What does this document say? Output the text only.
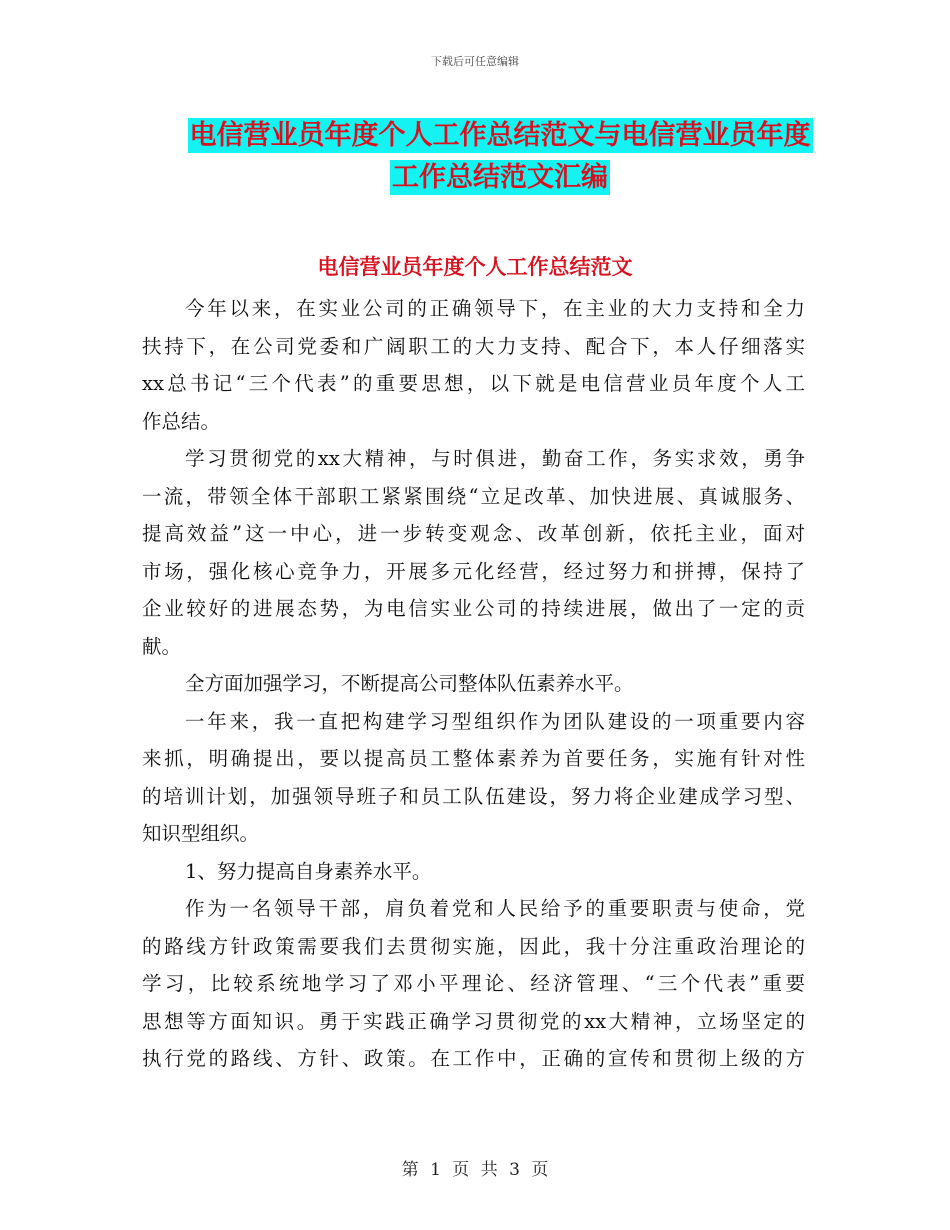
下载后可任意编辑
电信营业员年度个人工作总结范文与电信营业员年度
工作总结范文汇编
电信营业员年度个人工作总结范文
今年以来，在实业公司的正确领导下，在主业的大力支持和全力
扶持下，在公司党委和广阔职工的大力支持、配合下，本人仔细落实
xx总书记“三个代表”的重要思想，以下就是电信营业员年度个人工
作总结。
学习贯彻党的xx大精神，与时俱进，勤奋工作，务实求效，勇争
一流，带领全体干部职工紧紧围绕“立足改革、加快进展、真诚服务、
提高效益”这一中心，进一步转变观念、改革创新，依托主业，面对
市场，强化核心竞争力，开展多元化经营，经过努力和拼搏，保持了
企业较好的进展态势，为电信实业公司的持续进展，做出了一定的贡
献。
全方面加强学习，不断提高公司整体队伍素养水平。
一年来，我一直把构建学习型组织作为团队建设的一项重要内容
来抓，明确提出，要以提高员工整体素养为首要任务，实施有针对性
的培训计划，加强领导班子和员工队伍建设，努力将企业建成学习型、
知识型组织。
1、努力提高自身素养水平。
作为一名领导干部，肩负着党和人民给予的重要职责与使命，党
的路线方针政策需要我们去贯彻实施，因此，我十分注重政治理论的
学习，比较系统地学习了邓小平理论、经济管理、“三个代表”重要
思想等方面知识。勇于实践正确学习贯彻党的xx大精神，立场坚定的
执行党的路线、方针、政策。在工作中，正确的宣传和贯彻上级的方
第 1 页 共 3 页
